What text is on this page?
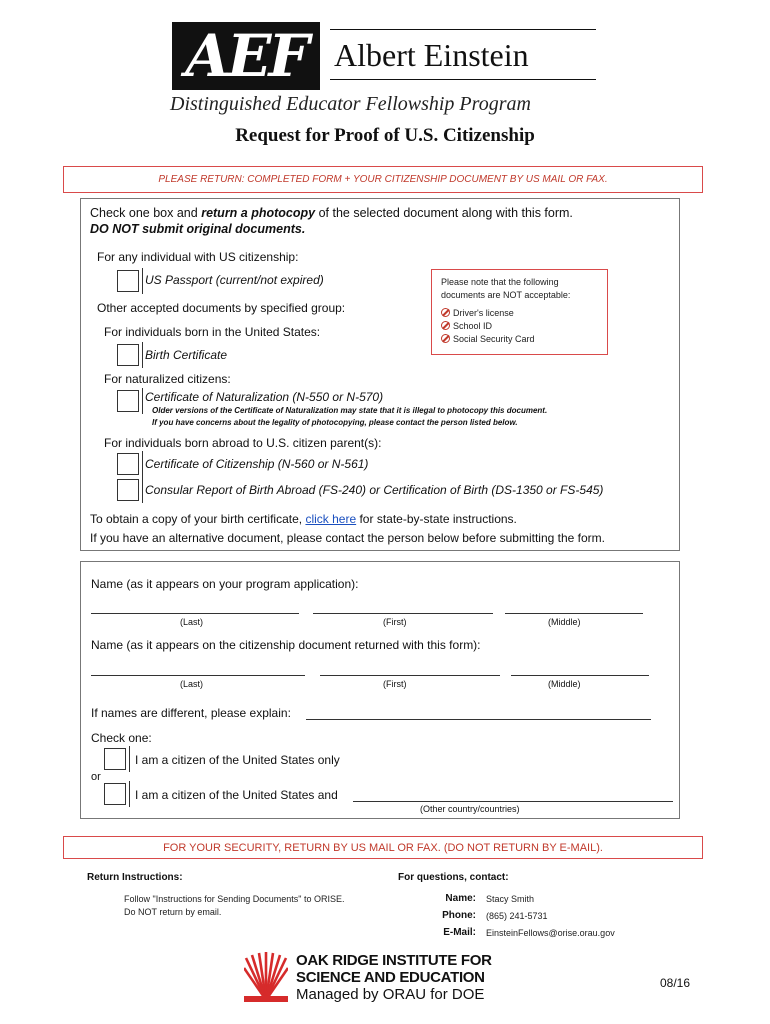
AEF Albert Einstein
Distinguished Educator Fellowship Program
Request for Proof of U.S. Citizenship
PLEASE RETURN: COMPLETED FORM + YOUR CITIZENSHIP DOCUMENT BY US MAIL OR FAX.
Check one box and return a photocopy of the selected document along with this form.
DO NOT submit original documents.
For any individual with US citizenship:
US Passport (current/not expired)	Please note that the following
documents are NOT acceptable:
Driver's license
School ID
Social Security Card
Other accepted documents by specified group:
For individuals born in the United States:
Birth Certificate
For naturalized citizens:
Certificate of Naturalization (N-550 or N-570)
Older versions of the Certificate of Naturalization may state that it is illegal to photocopy this document.
If you have concerns about the legality of photocopying, please contact the person listed below.
For individuals born abroad to U.S. citizen parent(s):
Certificate of Citizenship (N-560 or N-561)
Consular Report of Birth Abroad (FS-240) or Certification of Birth (DS-1350 or FS-545)
To obtain a copy of your birth certificate, click here for state-by-state instructions.
If you have an alternative document, please contact the person below before submitting the form.
Name (as it appears on your program application):
(Last)	(First)	(Middle)
Name (as it appears on the citizenship document returned with this form):
(Last)	(First)	(Middle)
If names are different, please explain:
Check one:
I am a citizen of the United States only
or
I am a citizen of the United States and
(Other country/countries)
FOR YOUR SECURITY, RETURN BY US MAIL OR FAX. (DO NOT RETURN BY E-MAIL).
Return Instructions:
Follow "Instructions for Sending Documents" to ORISE.
Do NOT return by email.
For questions, contact:
Name: Stacy Smith
Phone: (865) 241-5731
E-Mail: EinsteinFellows@orise.orau.gov
OAK RIDGE INSTITUTE FOR
SCIENCE AND EDUCATION
Managed by ORAU for DOE
08/16
